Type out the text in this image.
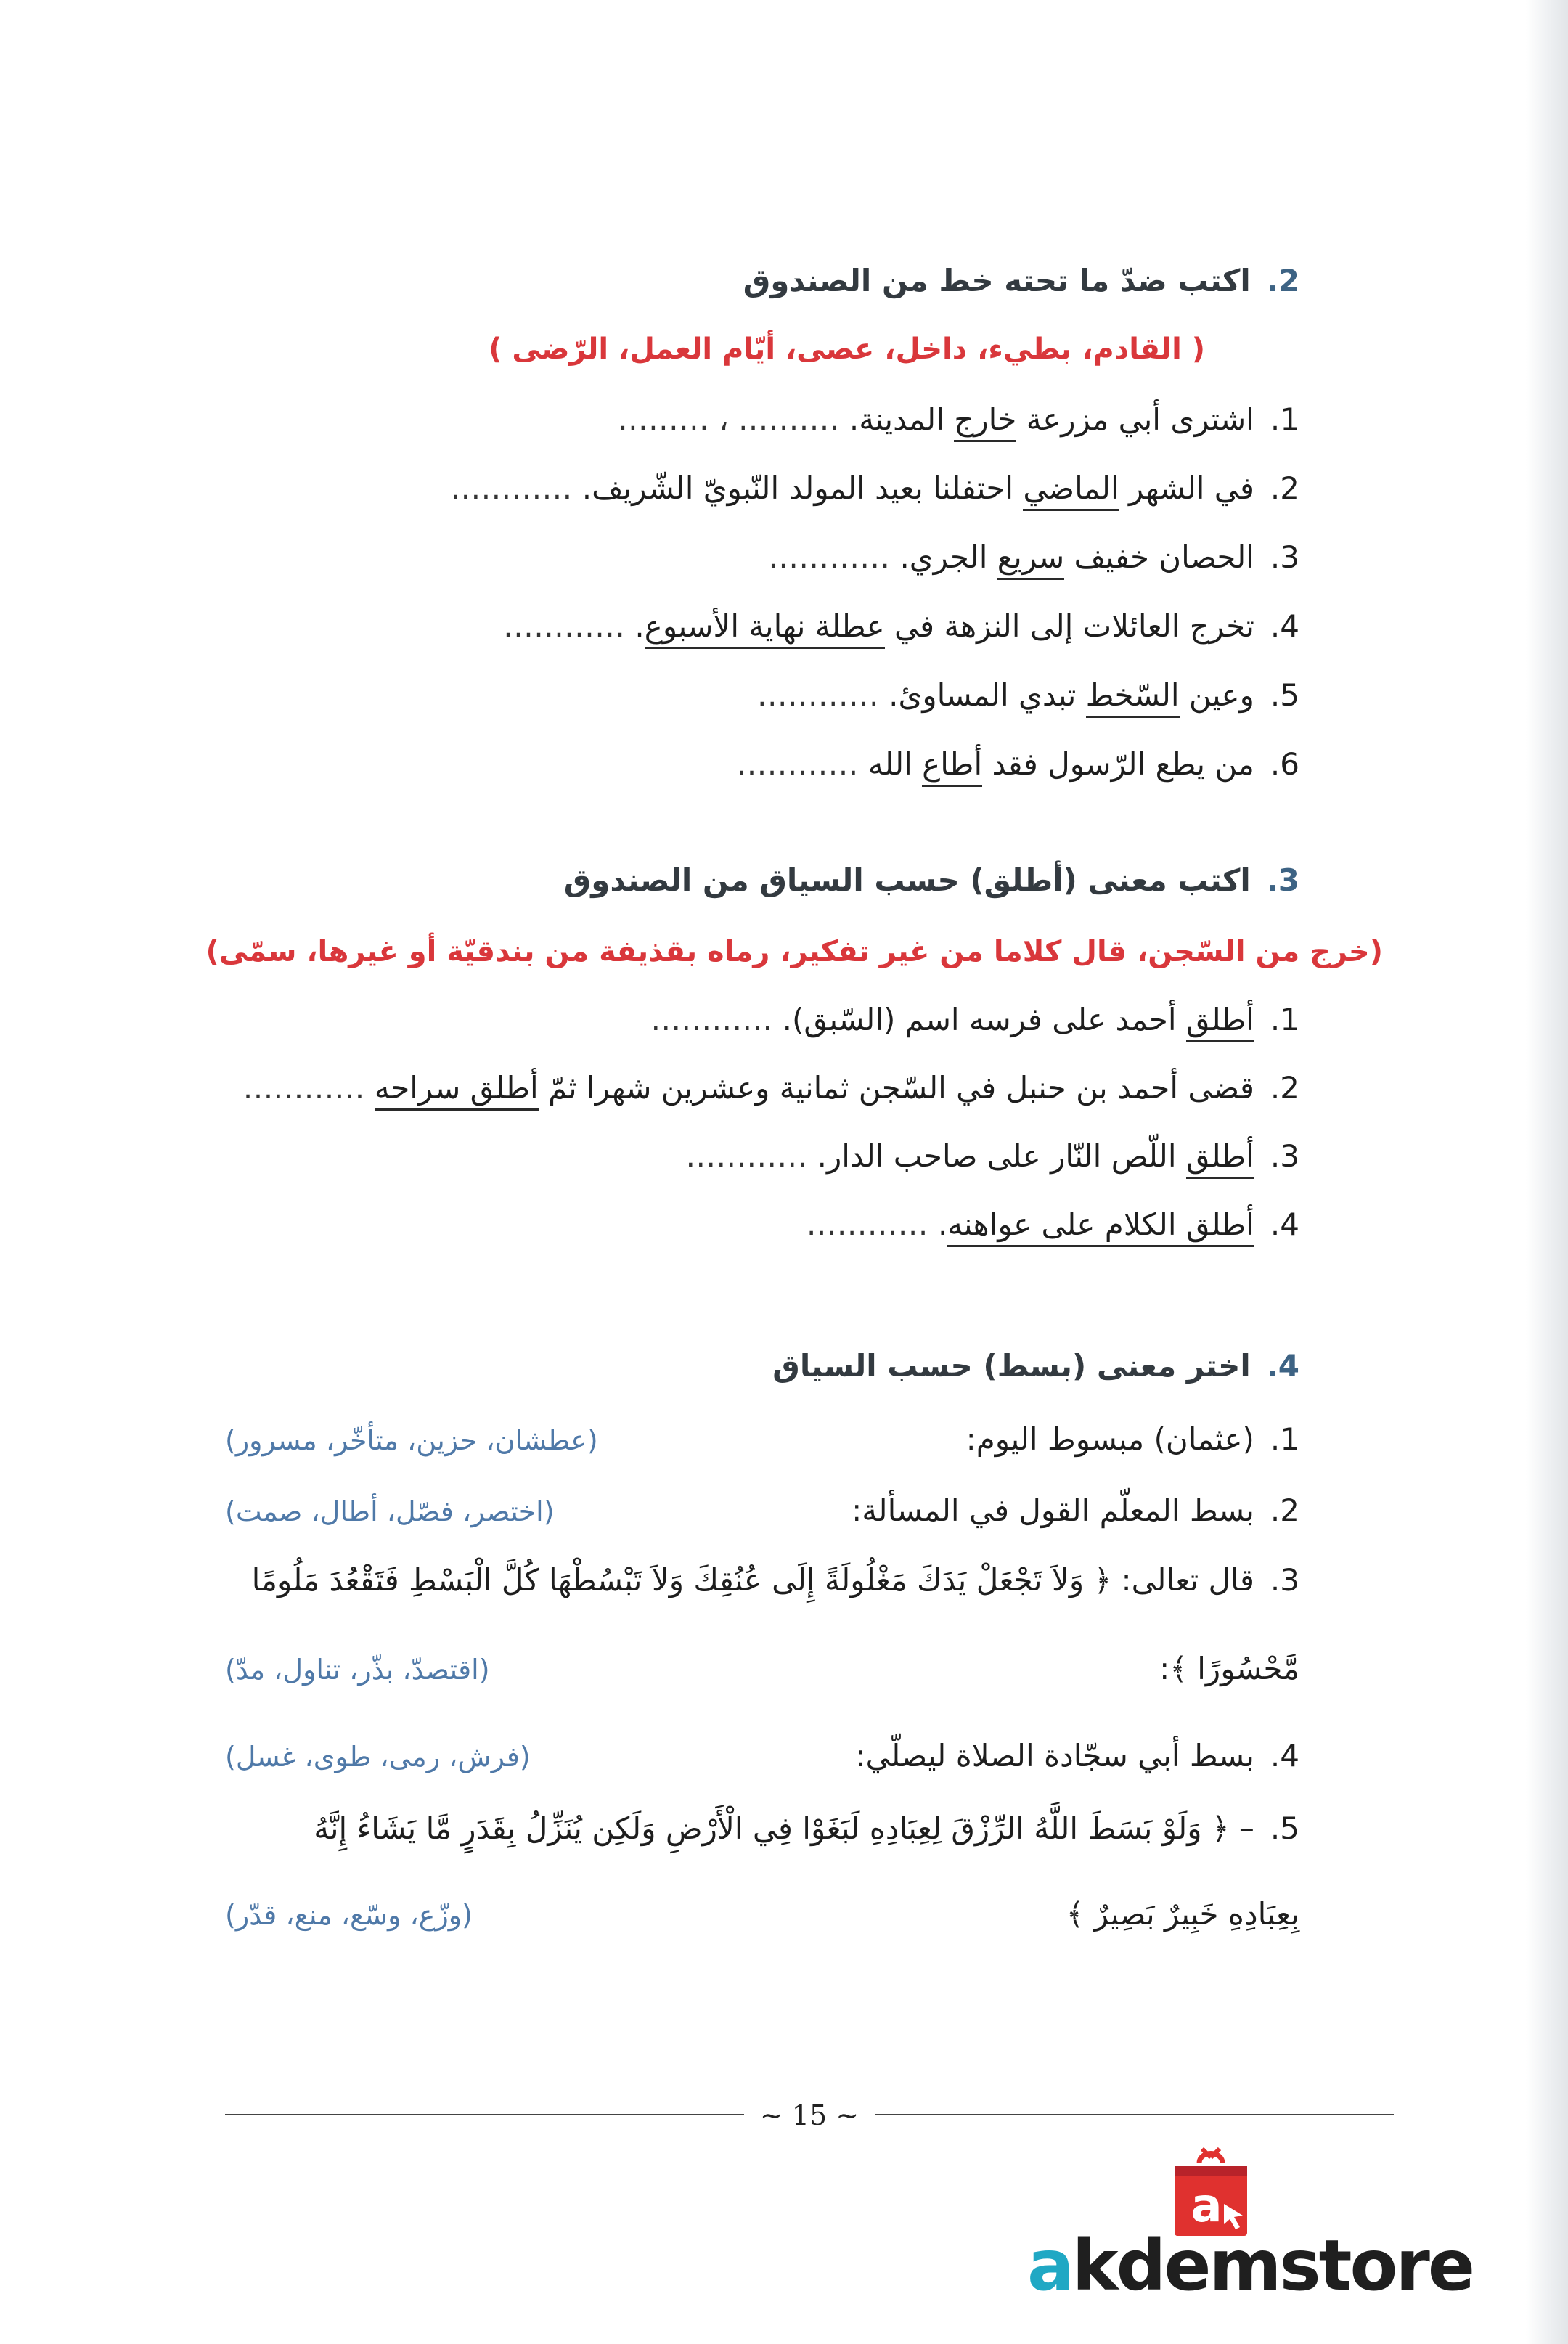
2.اكتب ضدّ ما تحته خط من الصندوق
( القادم، بطيء، داخل، عصى، أيّام العمل، الرّضى )
1.اشترى أبي مزرعة خارج المدينة. ………. ، ………
2.في الشهر الماضي احتفلنا بعيد المولد النّبويّ الشّريف. …………
3.الحصان خفيف سريع الجري. …………
4.تخرج العائلات إلى النزهة في عطلة نهاية الأسبوع. …………
5.وعين السّخط تبدي المساوئ. …………
6.من يطع الرّسول فقد أطاع الله …………
3.اكتب معنى (أطلق) حسب السياق من الصندوق
(خرج من السّجن، قال كلاما من غير تفكير، رماه بقذيفة من بندقيّة أو غيرها، سمّى)
1.أطلق أحمد على فرسه اسم (السّبق). …………
2.قضى أحمد بن حنبل في السّجن ثمانية وعشرين شهرا ثمّ أطلق سراحه …………
3.أطلق اللّص النّار على صاحب الدار. …………
4.أطلق الكلام على عواهنه. …………
4.اختر معنى (بسط) حسب السياق
1.(عثمان) مبسوط اليوم:
(عطشان، حزين، متأخّر، مسرور)
2.بسط المعلّم القول في المسألة:
(اختصر، فصّل، أطال، صمت)
3.قال تعالى: ﴿ وَلاَ تَجْعَلْ يَدَكَ مَغْلُولَةً إِلَى عُنُقِكَ وَلاَ تَبْسُطْهَا كُلَّ الْبَسْطِ فَتَقْعُدَ مَلُومًا
مَّحْسُورًا ﴾:
(اقتصدّ، بذّر، تناول، مدّ)
4.بسط أبي سجّادة الصلاة ليصلّي:
(فرش، رمى، طوى، غسل)
5.– ﴿ وَلَوْ بَسَطَ اللَّهُ الرِّزْقَ لِعِبَادِهِ لَبَغَوْا فِي الْأَرْضِ وَلَكِن يُنَزِّلُ بِقَدَرٍ مَّا يَشَاءُ إِنَّهُ
بِعِبَادِهِ خَبِيرٌ بَصِيرٌ ﴾
(وزّع، وسّع، منع، قدّر)
~ 15 ~
a
akdemstore
